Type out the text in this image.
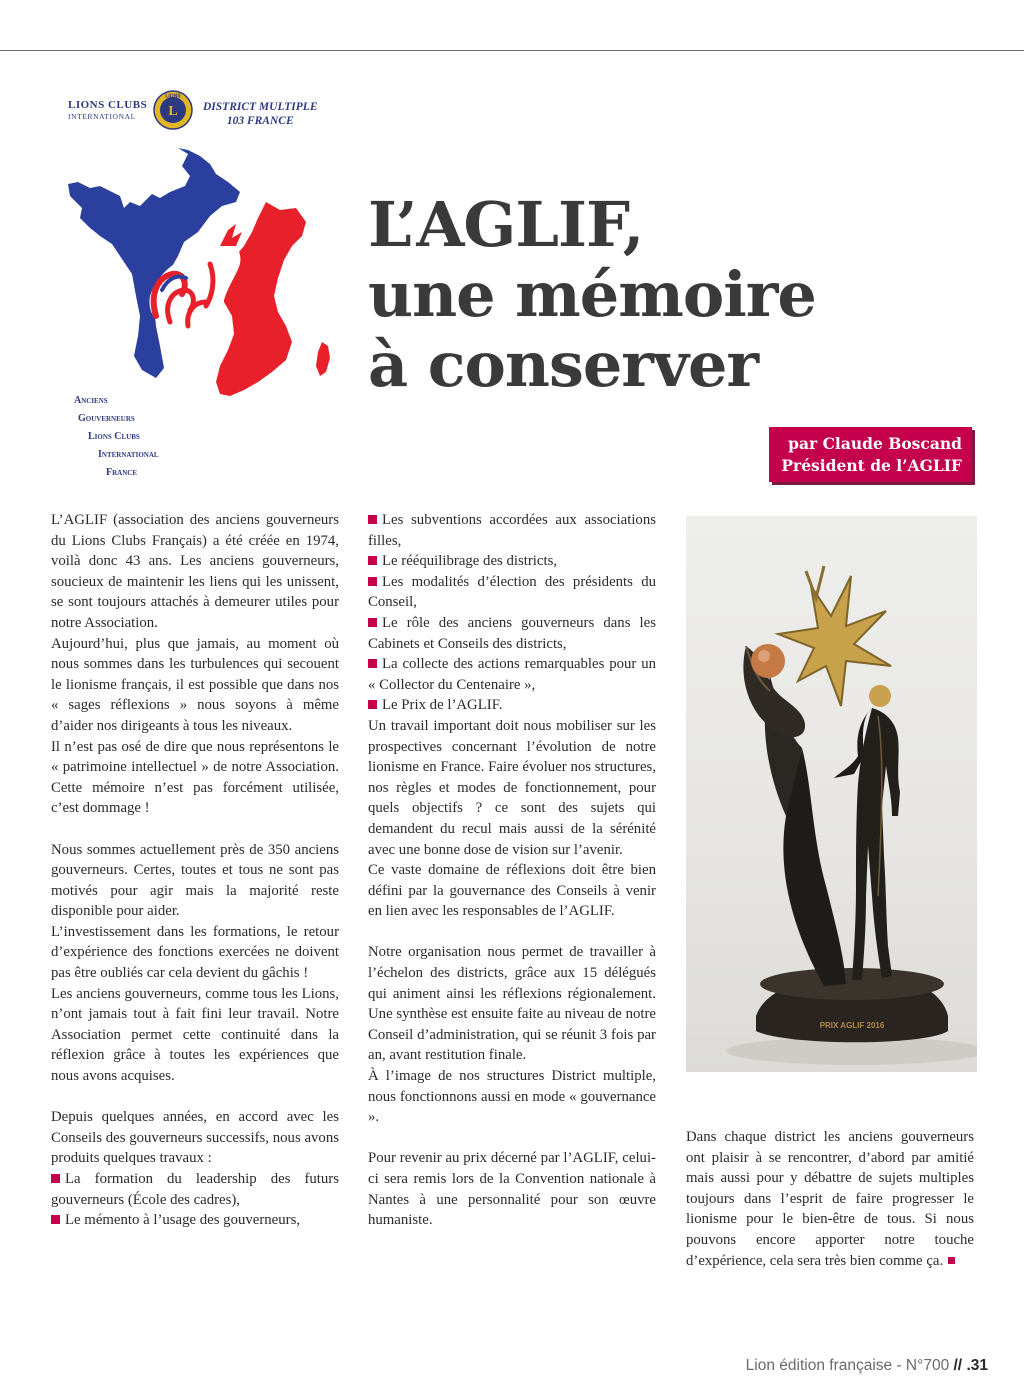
LIONS CLUBS
INTERNATIONAL	L
LIONS
DISTRICT MULTIPLE
103 FRANCE
Anciens
Gouverneurs
Lions Clubs
International
France
L’AGLIF,
une mémoire
à conserver
par Claude Boscand
Président de l’AGLIF

L’AGLIF (association des anciens gouverneurs du Lions Clubs Français) a été créée en 1974, voilà donc 43 ans. Les anciens gouverneurs, soucieux de maintenir les liens qui les unissent, se sont toujours attachés à demeurer utiles pour notre Association.

Aujourd’hui, plus que jamais, au moment où nous sommes dans les turbulences qui secouent le lionisme français, il est possible que dans nos « sages réflexions » nous soyons à même d’aider nos dirigeants à tous les niveaux.

Il n’est pas osé de dire que nous représentons le « patrimoine intellectuel » de notre Association. Cette mémoire n’est pas forcément utilisée, c’est dommage !

Nous sommes actuellement près de 350 anciens gouverneurs. Certes, toutes et tous ne sont pas motivés pour agir mais la majorité reste disponible pour aider.

L’investissement dans les formations, le retour d’expérience des fonctions exercées ne doivent pas être oubliés car cela devient du gâchis !

Les anciens gouverneurs, comme tous les Lions, n’ont jamais tout à fait fini leur travail. Notre Association permet cette continuité dans la réflexion grâce à toutes les expériences que nous avons acquises.

Depuis quelques années, en accord avec les Conseils des gouverneurs successifs, nous avons produits quelques travaux :

La formation du leadership des futurs gouverneurs (École des cadres),

Le mémento à l’usage des gouverneurs,

Les subventions accordées aux associations filles,

Le rééquilibrage des districts,

Les modalités d’élection des présidents du Conseil,

Le rôle des anciens gouverneurs dans les Cabinets et Conseils des districts,

La collecte des actions remarquables pour un « Collector du Centenaire »,

Le Prix de l’AGLIF.

Un travail important doit nous mobiliser sur les prospectives concernant l’évolution de notre lionisme en France. Faire évoluer nos structures, nos règles et modes de fonctionnement, pour quels objectifs ? ce sont des sujets qui demandent du recul mais aussi de la sérénité avec une bonne dose de vision sur l’avenir.

Ce vaste domaine de réflexions doit être bien défini par la gouvernance des Conseils à venir en lien avec les responsables de l’AGLIF.

Notre organisation nous permet de travailler à l’échelon des districts, grâce aux 15 délégués qui animent ainsi les réflexions régionalement. Une synthèse est ensuite faite au niveau de notre Conseil d’administration, qui se réunit 3 fois par an, avant restitution finale.

À l’image de nos structures District multiple, nous fonctionnons aussi en mode « gouvernance ».

Pour revenir au prix décerné par l’AGLIF, celui-ci sera remis lors de la Convention nationale à Nantes à une personnalité pour son œuvre humaniste.

PRIX AGLIF 2016

Dans chaque district les anciens gouverneurs ont plaisir à se rencontrer, d’abord par amitié mais aussi pour y débattre de sujets multiples toujours dans l’esprit de faire progresser le lionisme pour le bien-être de tous. Si nous pouvons encore apporter notre touche d’expérience, cela sera très bien comme ça.

Lion édition française - N°700 // .31
